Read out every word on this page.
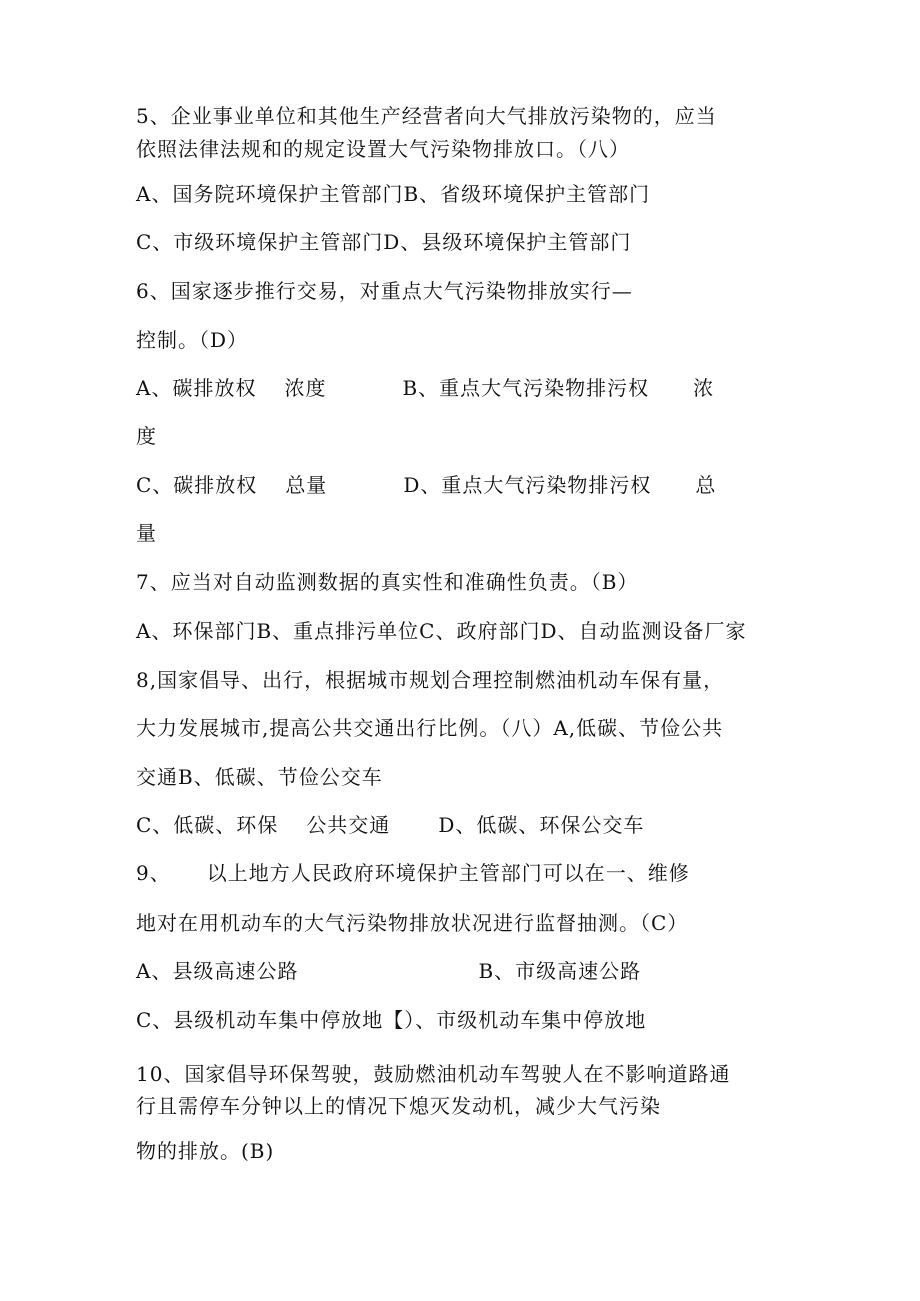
5、企业事业单位和其他生产经营者向大气排放污染物的，应当
依照法律法规和的规定设置大气污染物排放口。（八）
A、国务院环境保护主管部门B、省级环境保护主管部门
C、市级环境保护主管部门D、县级环境保护主管部门
6、国家逐步推行交易，对重点大气污染物排放实行—
控制。（D）
A、碳排放权 浓度	B、重点大气污染物排污权 浓
度
C、碳排放权 总量	D、重点大气污染物排污权 总
量
7、应当对自动监测数据的真实性和准确性负责。（B）
A、环保部门B、重点排污单位C、政府部门D、自动监测设备厂家
8,国家倡导、出行，根据城市规划合理控制燃油机动车保有量，
大力发展城市,提高公共交通出行比例。（八）A,低碳、节俭公共
交通B、低碳、节俭公交车
C、低碳、环保 公共交通 D、低碳、环保公交车
9、 以上地方人民政府环境保护主管部门可以在一、维修
地对在用机动车的大气污染物排放状况进行监督抽测。（C）
A、县级高速公路	B、市级高速公路
C、县级机动车集中停放地【）、市级机动车集中停放地
10、国家倡导环保驾驶，鼓励燃油机动车驾驶人在不影响道路通
行且需停车分钟以上的情况下熄灭发动机，减少大气污染
物的排放。(B)
